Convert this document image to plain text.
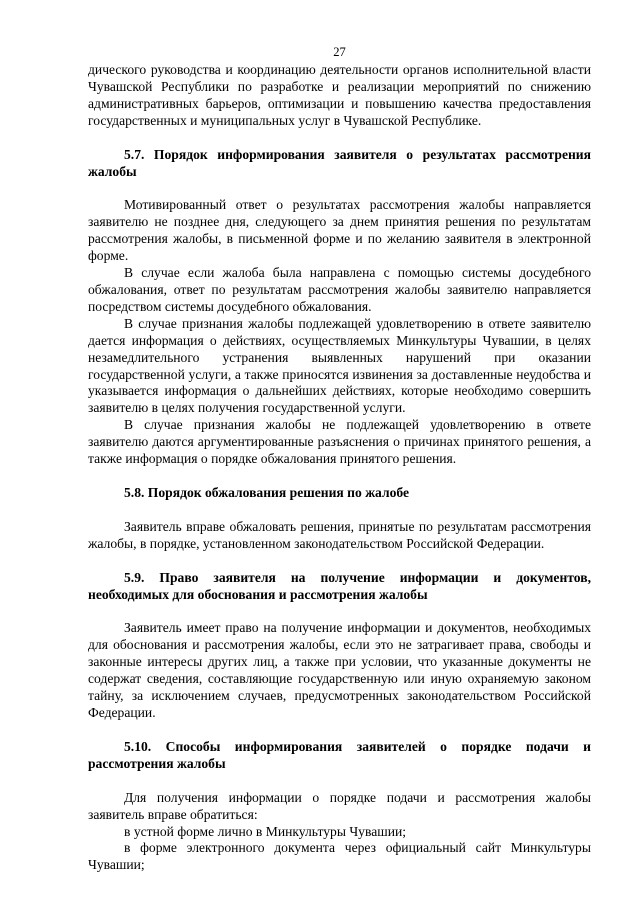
27

дического руководства и координацию деятельности органов исполнительной власти Чувашской Республики по разработке и реализации мероприятий по снижению административных барьеров, оптимизации и повышению качества предоставления государственных и муниципальных услуг в Чувашской Республике.

5.7. Порядок информирования заявителя о результатах рассмотрения жалобы

Мотивированный ответ о результатах рассмотрения жалобы направляется заявителю не позднее дня, следующего за днем принятия решения по результатам рассмотрения жалобы, в письменной форме и по желанию заявителя в электронной форме.

В случае если жалоба была направлена с помощью системы досудебного обжалования, ответ по результатам рассмотрения жалобы заявителю направляется посредством системы досудебного обжалования.

В случае признания жалобы подлежащей удовлетворению в ответе заявителю дается информация о действиях, осуществляемых Минкультуры Чувашии, в целях незамедлительного устранения выявленных нарушений при оказании государственной услуги, а также приносятся извинения за доставленные неудобства и указывается информация о дальнейших действиях, которые необходимо совершить заявителю в целях получения государственной услуги.

В случае признания жалобы не подлежащей удовлетворению в ответе заявителю даются аргументированные разъяснения о причинах принятого решения, а также информация о порядке обжалования принятого решения.

5.8. Порядок обжалования решения по жалобе

Заявитель вправе обжаловать решения, принятые по результатам рассмотрения жалобы, в порядке, установленном законодательством Российской Федерации.

5.9. Право заявителя на получение информации и документов, необходимых для обоснования и рассмотрения жалобы

Заявитель имеет право на получение информации и документов, необходимых для обоснования и рассмотрения жалобы, если это не затрагивает права, свободы и законные интересы других лиц, а также при условии, что указанные документы не содержат сведения, составляющие государственную или иную охраняемую законом тайну, за исключением случаев, предусмотренных законодательством Российской Федерации.

5.10. Способы информирования заявителей о порядке подачи и рассмотрения жалобы

Для получения информации о порядке подачи и рассмотрения жалобы заявитель вправе обратиться:

в устной форме лично в Минкультуры Чувашии;
в форме электронного документа через официальный сайт Минкультуры Чувашии;
